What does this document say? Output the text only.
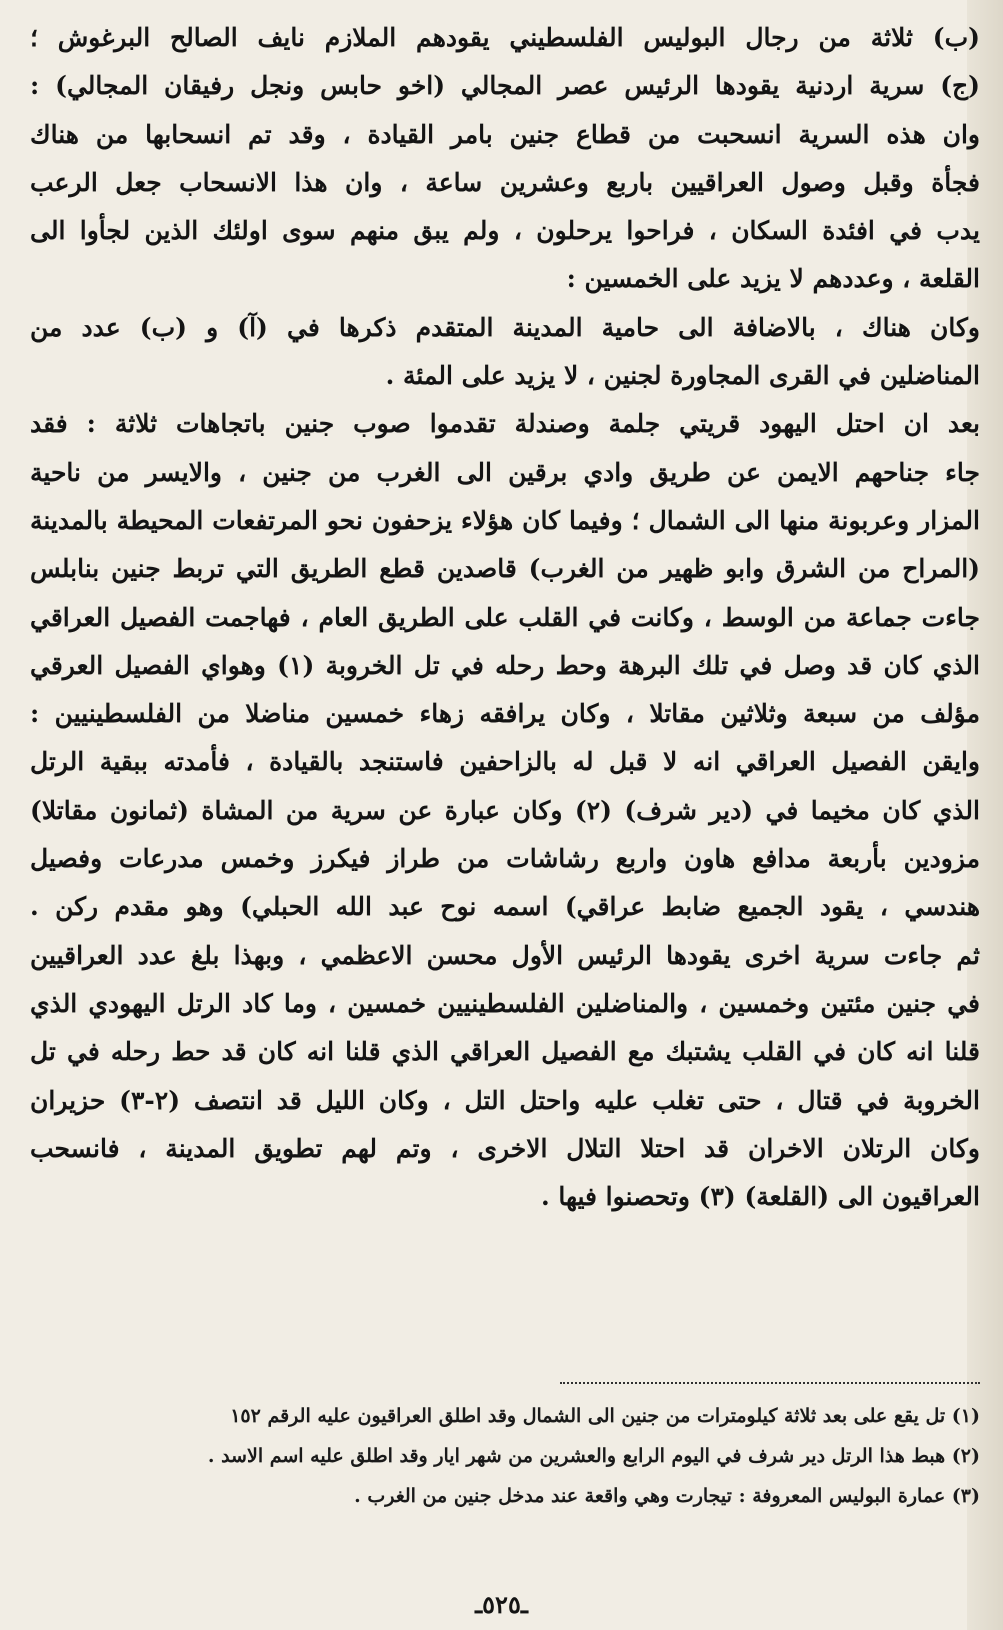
(ب) ثلاثة من رجال البوليس الفلسطيني يقودهم الملازم نايف الصالح البرغوش ؛
(ج) سرية اردنية يقودها الرئيس عصر المجالي (اخو حابس ونجل رفيقان المجالي) :
وان هذه السرية انسحبت من قطاع جنين بامر القيادة ، وقد تم انسحابها من هناك
فجأة وقبل وصول العراقيين باربع وعشرين ساعة ، وان هذا الانسحاب جعل الرعب
يدب في افئدة السكان ، فراحوا يرحلون ، ولم يبق منهم سوى اولئك الذين لجأوا الى
القلعة ، وعددهم لا يزيد على الخمسين :
وكان هناك ، بالاضافة الى حامية المدينة المتقدم ذكرها في (آ) و (ب) عدد من
المناضلين في القرى المجاورة لجنين ، لا يزيد على المئة .
بعد ان احتل اليهود قريتي جلمة وصندلة تقدموا صوب جنين باتجاهات ثلاثة : فقد
جاء جناحهم الايمن عن طريق وادي برقين الى الغرب من جنين ، والايسر من ناحية
المزار وعربونة منها الى الشمال ؛ وفيما كان هؤلاء يزحفون نحو المرتفعات المحيطة بالمدينة
(المراح من الشرق وابو ظهير من الغرب) قاصدين قطع الطريق التي تربط جنين بنابلس
جاءت جماعة من الوسط ، وكانت في القلب على الطريق العام ، فهاجمت الفصيل العراقي
الذي كان قد وصل في تلك البرهة وحط رحله في تل الخروبة (١) وهواي الفصيل العرقي
مؤلف من سبعة وثلاثين مقاتلا ، وكان يرافقه زهاء خمسين مناضلا من الفلسطينيين :
وايقن الفصيل العراقي انه لا قبل له بالزاحفين فاستنجد بالقيادة ، فأمدته ببقية الرتل
الذي كان مخيما في (دير شرف) (٢) وكان عبارة عن سرية من المشاة (ثمانون مقاتلا)
مزودين بأربعة مدافع هاون واربع رشاشات من طراز فيكرز وخمس مدرعات وفصيل
هندسي ، يقود الجميع ضابط عراقي) اسمه نوح عبد الله الحبلي) وهو مقدم ركن .
ثم جاءت سرية اخرى يقودها الرئيس الأول محسن الاعظمي ، وبهذا بلغ عدد العراقيين
في جنين مئتين وخمسين ، والمناضلين الفلسطينيين خمسين ، وما كاد الرتل اليهودي الذي
قلنا انه كان في القلب يشتبك مع الفصيل العراقي الذي قلنا انه كان قد حط رحله في تل
الخروبة في قتال ، حتى تغلب عليه واحتل التل ، وكان الليل قد انتصف (٢-٣) حزيران
وكان الرتلان الاخران قد احتلا التلال الاخرى ، وتم لهم تطويق المدينة ، فانسحب
العراقيون الى (القلعة) (٣) وتحصنوا فيها .
(١) تل يقع على بعد ثلاثة كيلومترات من جنين الى الشمال وقد اطلق العراقيون عليه الرقم ١٥٢
(٢) هبط هذا الرتل دير شرف في اليوم الرابع والعشرين من شهر ايار وقد اطلق عليه اسم الاسد .
(٣) عمارة البوليس المعروفة : تيجارت وهي واقعة عند مدخل جنين من الغرب .
ـ٥٢٥ـ
